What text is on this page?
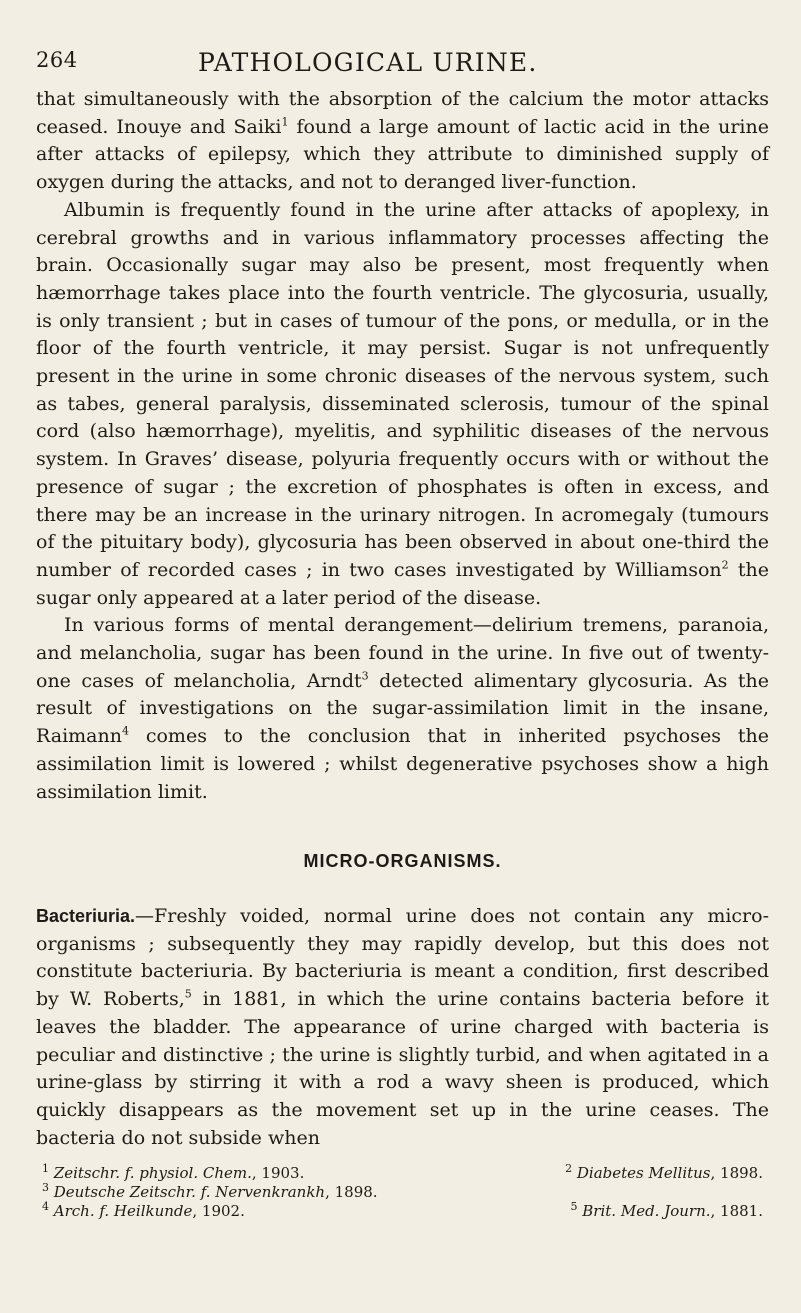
264	PATHOLOGICAL URINE.

that simultaneously with the absorption of the calcium the motor attacks ceased. Inouye and Saiki$^1$ found a large amount of lactic acid in the urine after attacks of epilepsy, which they attribute to diminished supply of oxygen during the attacks, and not to deranged liver-function.

Albumin is frequently found in the urine after attacks of apoplexy, in cerebral growths and in various inflammatory processes affecting the brain. Occasionally sugar may also be present, most frequently when hæmorrhage takes place into the fourth ventricle. The glycosuria, usually, is only transient ; but in cases of tumour of the pons, or medulla, or in the floor of the fourth ventricle, it may persist. Sugar is not unfrequently present in the urine in some chronic diseases of the nervous system, such as tabes, general paralysis, disseminated sclerosis, tumour of the spinal cord (also hæmorrhage), myelitis, and syphilitic diseases of the nervous system. In Graves’ disease, polyuria frequently occurs with or without the presence of sugar ; the excretion of phosphates is often in excess, and there may be an increase in the urinary nitrogen. In acromegaly (tumours of the pituitary body), glycosuria has been observed in about one-third the number of recorded cases ; in two cases investigated by Williamson$^2$ the sugar only appeared at a later period of the disease.

In various forms of mental derangement—delirium tremens, paranoia, and melancholia, sugar has been found in the urine. In five out of twenty-one cases of melancholia, Arndt$^3$ detected alimentary glycosuria. As the result of investigations on the sugar-assimilation limit in the insane, Raimann$^4$ comes to the conclusion that in inherited psychoses the assimilation limit is lowered ; whilst degenerative psychoses show a high assimilation limit.

MICRO-ORGANISMS.

Bacteriuria.—Freshly voided, normal urine does not contain any micro-organisms ; subsequently they may rapidly develop, but this does not constitute bacteriuria. By bacteriuria is meant a condition, first described by W. Roberts,$^5$ in 1881, in which the urine contains bacteria before it leaves the bladder. The appearance of urine charged with bacteria is peculiar and distinctive ; the urine is slightly turbid, and when agitated in a urine-glass by stirring it with a rod a wavy sheen is produced, which quickly disappears as the movement set up in the urine ceases. The bacteria do not subside when

$^1$ Zeitschr. f. physiol. Chem., 1903.	$^2$ Diabetes Mellitus, 1898.
$^3$ Deutsche Zeitschr. f. Nervenkrankh, 1898.
$^4$ Arch. f. Heilkunde, 1902.	$^5$ Brit. Med. Journ., 1881.
